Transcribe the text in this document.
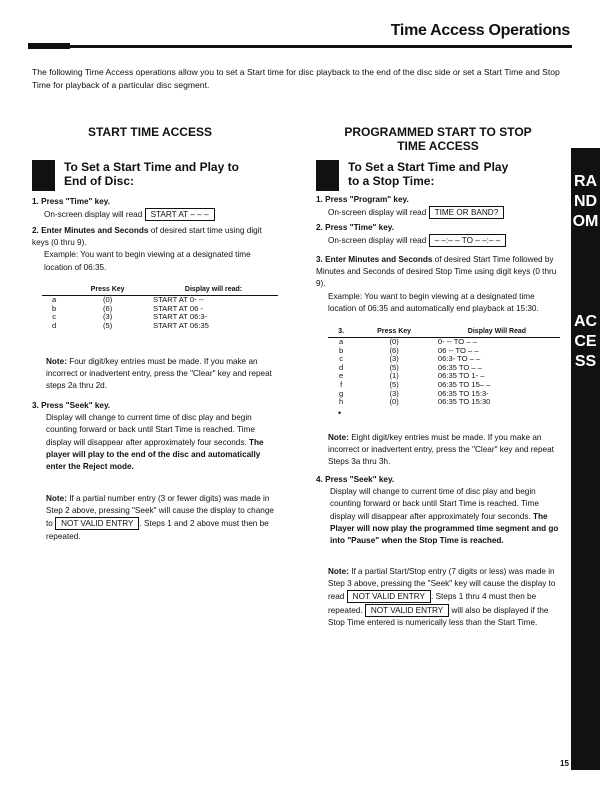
Time Access Operations
The following Time Access operations allow you to set a Start time for disc playback to the end of the disc side or set a Start Time and Stop Time for playback of a particular disc segment.
START TIME ACCESS
To Set a Start Time and Play to
End of Disc:
1. Press "Time" key.
On-screen display will read START AT – – –
2. Enter Minutes and Seconds of desired start time using digit keys (0 thru 9).
Example: You want to begin viewing at a designated time location of 06:35.
	Press Key	Display will read:
a	(0)	START AT 0- --
b	(6)	START AT 06 -
c	(3)	START AT 06:3-
d	(5)	START AT 06:35
Note: Four digit/key entries must be made. If you make an incorrect or inadvertent entry, press the "Clear" key and repeat steps 2a thru 2d.
3. Press "Seek" key.
Display will change to current time of disc play and begin counting forward or back until Start Time is reached. Time display will disappear after approximately four seconds. The player will play to the end of the disc and automatically enter the Reject mode.
Note: If a partial number entry (3 or fewer digits) was made in Step 2 above, pressing "Seek" will cause the display to change to NOT VALID ENTRY . Steps 1 and 2 above must then be repeated.
•
PROGRAMMED START TO STOP
TIME ACCESS
To Set a Start Time and Play
to a Stop Time:
1. Press "Program" key.
On-screen display will read TIME OR BAND?
2. Press "Time" key.
On-screen display will read – –:– – TO – –:– –
3. Enter Minutes and Seconds of desired Start Time followed by Minutes and Seconds of desired Stop Time using digit keys (0 thru 9).
Example: You want to begin viewing at a designated time location of 06:35 and automatically end playback at 15:30.
3.	Press Key	Display Will Read
a	(0)	0- -- TO – –
b	(6)	06 -- TO – –
c	(3)	06:3- TO – –
d	(5)	06:35 TO – –
e	(1)	06:35 TO 1- –
f	(5)	06:35 TO 15– –
g	(3)	06:35 TO 15:3-
h	(0)	06:35 TO 15:30
Note: Eight digit/key entries must be made. If you make an incorrect or inadvertent entry, press the "Clear" key and repeat Steps 3a thru 3h.
4. Press "Seek" key.
Display will change to current time of disc play and begin counting forward or back until Start Time is reached. Time display will disappear after approximately four seconds. The Player will now play the programmed time segment and go into "Pause" when the Stop Time is reached.
Note: If a partial Start/Stop entry (7 digits or less) was made in Step 3 above, pressing the "Seek" key will cause the display to read NOT VALID ENTRY . Steps 1 thru 4 must then be repeated. NOT VALID ENTRY will also be displayed if the Stop Time entered is numerically less than the Start Time.
RANDOM
ACCESS
15
